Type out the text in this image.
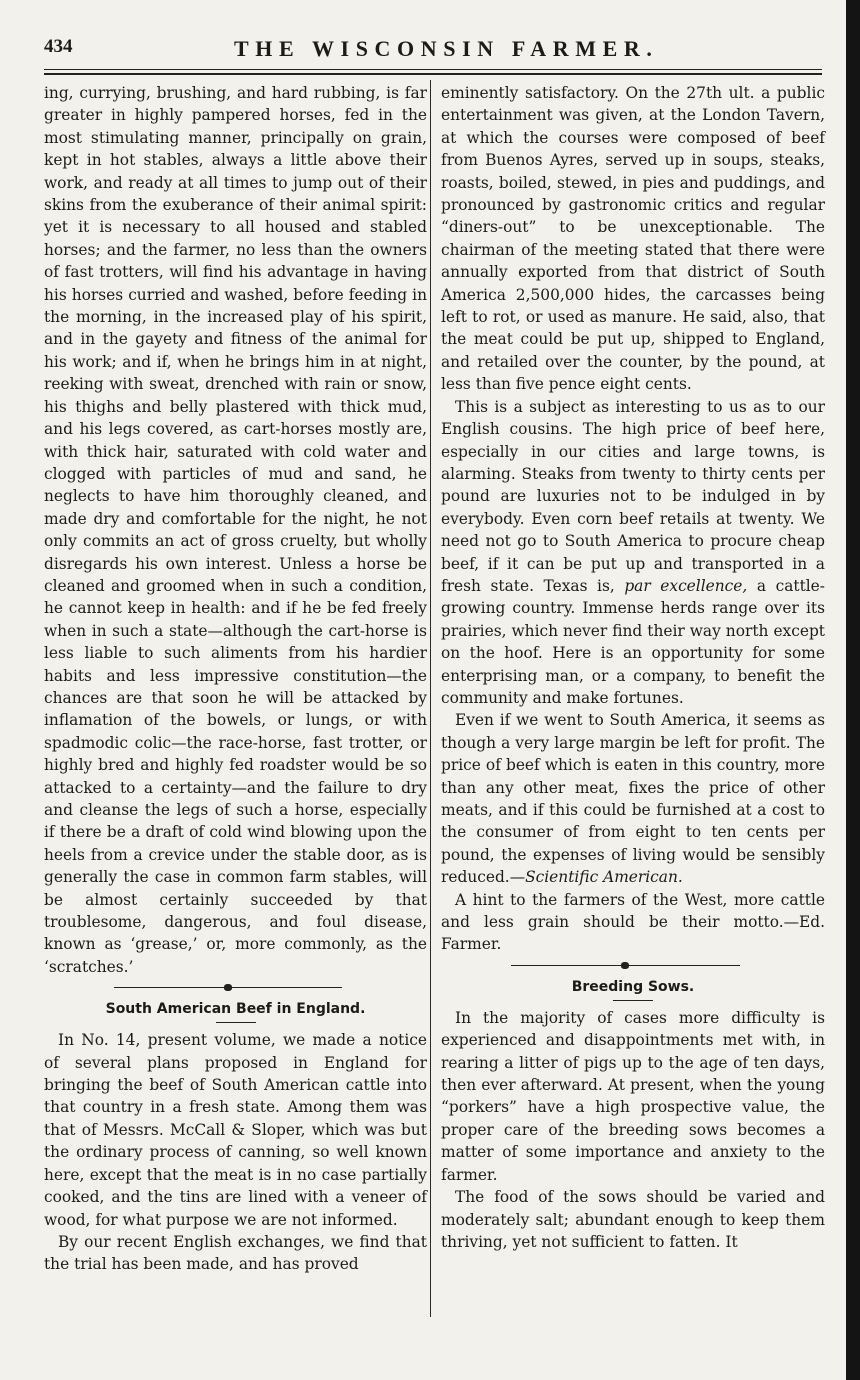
434	THE WISCONSIN FARMER.

ing, currying, brushing, and hard rubbing, is far greater in highly pampered horses, fed in the most stimulating manner, principally on grain, kept in hot stables, always a little above their work, and ready at all times to jump out of their skins from the exuberance of their animal spirit: yet it is necessary to all housed and stabled horses; and the farmer, no less than the owners of fast trotters, will find his advantage in having his horses curried and washed, before feeding in the morning, in the increased play of his spirit, and in the gayety and fitness of the animal for his work; and if, when he brings him in at night, reeking with sweat, drenched with rain or snow, his thighs and belly plastered with thick mud, and his legs covered, as cart-horses mostly are, with thick hair, saturated with cold water and clogged with particles of mud and sand, he neglects to have him thoroughly cleaned, and made dry and comfortable for the night, he not only commits an act of gross cruelty, but wholly disregards his own interest. Unless a horse be cleaned and groomed when in such a condition, he cannot keep in health: and if he be fed freely when in such a state—although the cart-horse is less liable to such aliments from his hardier habits and less impressive constitution—the chances are that soon he will be attacked by inflamation of the bowels, or lungs, or with spadmodic colic—the race-horse, fast trotter, or highly bred and highly fed roadster would be so attacked to a certainty—and the failure to dry and cleanse the legs of such a horse, especially if there be a draft of cold wind blowing upon the heels from a crevice under the stable door, as is generally the case in common farm stables, will be almost certainly succeeded by that troublesome, dangerous, and foul disease, known as ‘grease,’ or, more commonly, as the ‘scratches.’

South American Beef in England.

In No. 14, present volume, we made a notice of several plans proposed in England for bringing the beef of South American cattle into that country in a fresh state. Among them was that of Messrs. McCall & Sloper, which was but the ordinary process of canning, so well known here, except that the meat is in no case partially cooked, and the tins are lined with a veneer of wood, for what purpose we are not informed.

By our recent English exchanges, we find that the trial has been made, and has proved

eminently satisfactory. On the 27th ult. a public entertainment was given, at the London Tavern, at which the courses were composed of beef from Buenos Ayres, served up in soups, steaks, roasts, boiled, stewed, in pies and puddings, and pronounced by gastronomic critics and regular “diners-out” to be unexceptionable. The chairman of the meeting stated that there were annually exported from that district of South America 2,500,000 hides, the carcasses being left to rot, or used as manure. He said, also, that the meat could be put up, shipped to England, and retailed over the counter, by the pound, at less than five pence eight cents.

This is a subject as interesting to us as to our English cousins. The high price of beef here, especially in our cities and large towns, is alarming. Steaks from twenty to thirty cents per pound are luxuries not to be indulged in by everybody. Even corn beef retails at twenty. We need not go to South America to procure cheap beef, if it can be put up and transported in a fresh state. Texas is, par excellence, a cattle-growing country. Immense herds range over its prairies, which never find their way north except on the hoof. Here is an opportunity for some enterprising man, or a company, to benefit the community and make fortunes.

Even if we went to South America, it seems as though a very large margin be left for profit. The price of beef which is eaten in this country, more than any other meat, fixes the price of other meats, and if this could be furnished at a cost to the consumer of from eight to ten cents per pound, the expenses of living would be sensibly reduced.—Scientific American.

A hint to the farmers of the West, more cattle and less grain should be their motto.—Ed. Farmer.

Breeding Sows.

In the majority of cases more difficulty is experienced and disappointments met with, in rearing a litter of pigs up to the age of ten days, then ever afterward. At present, when the young “porkers” have a high prospective value, the proper care of the breeding sows becomes a matter of some importance and anxiety to the farmer.

The food of the sows should be varied and moderately salt; abundant enough to keep them thriving, yet not sufficient to fatten. It
